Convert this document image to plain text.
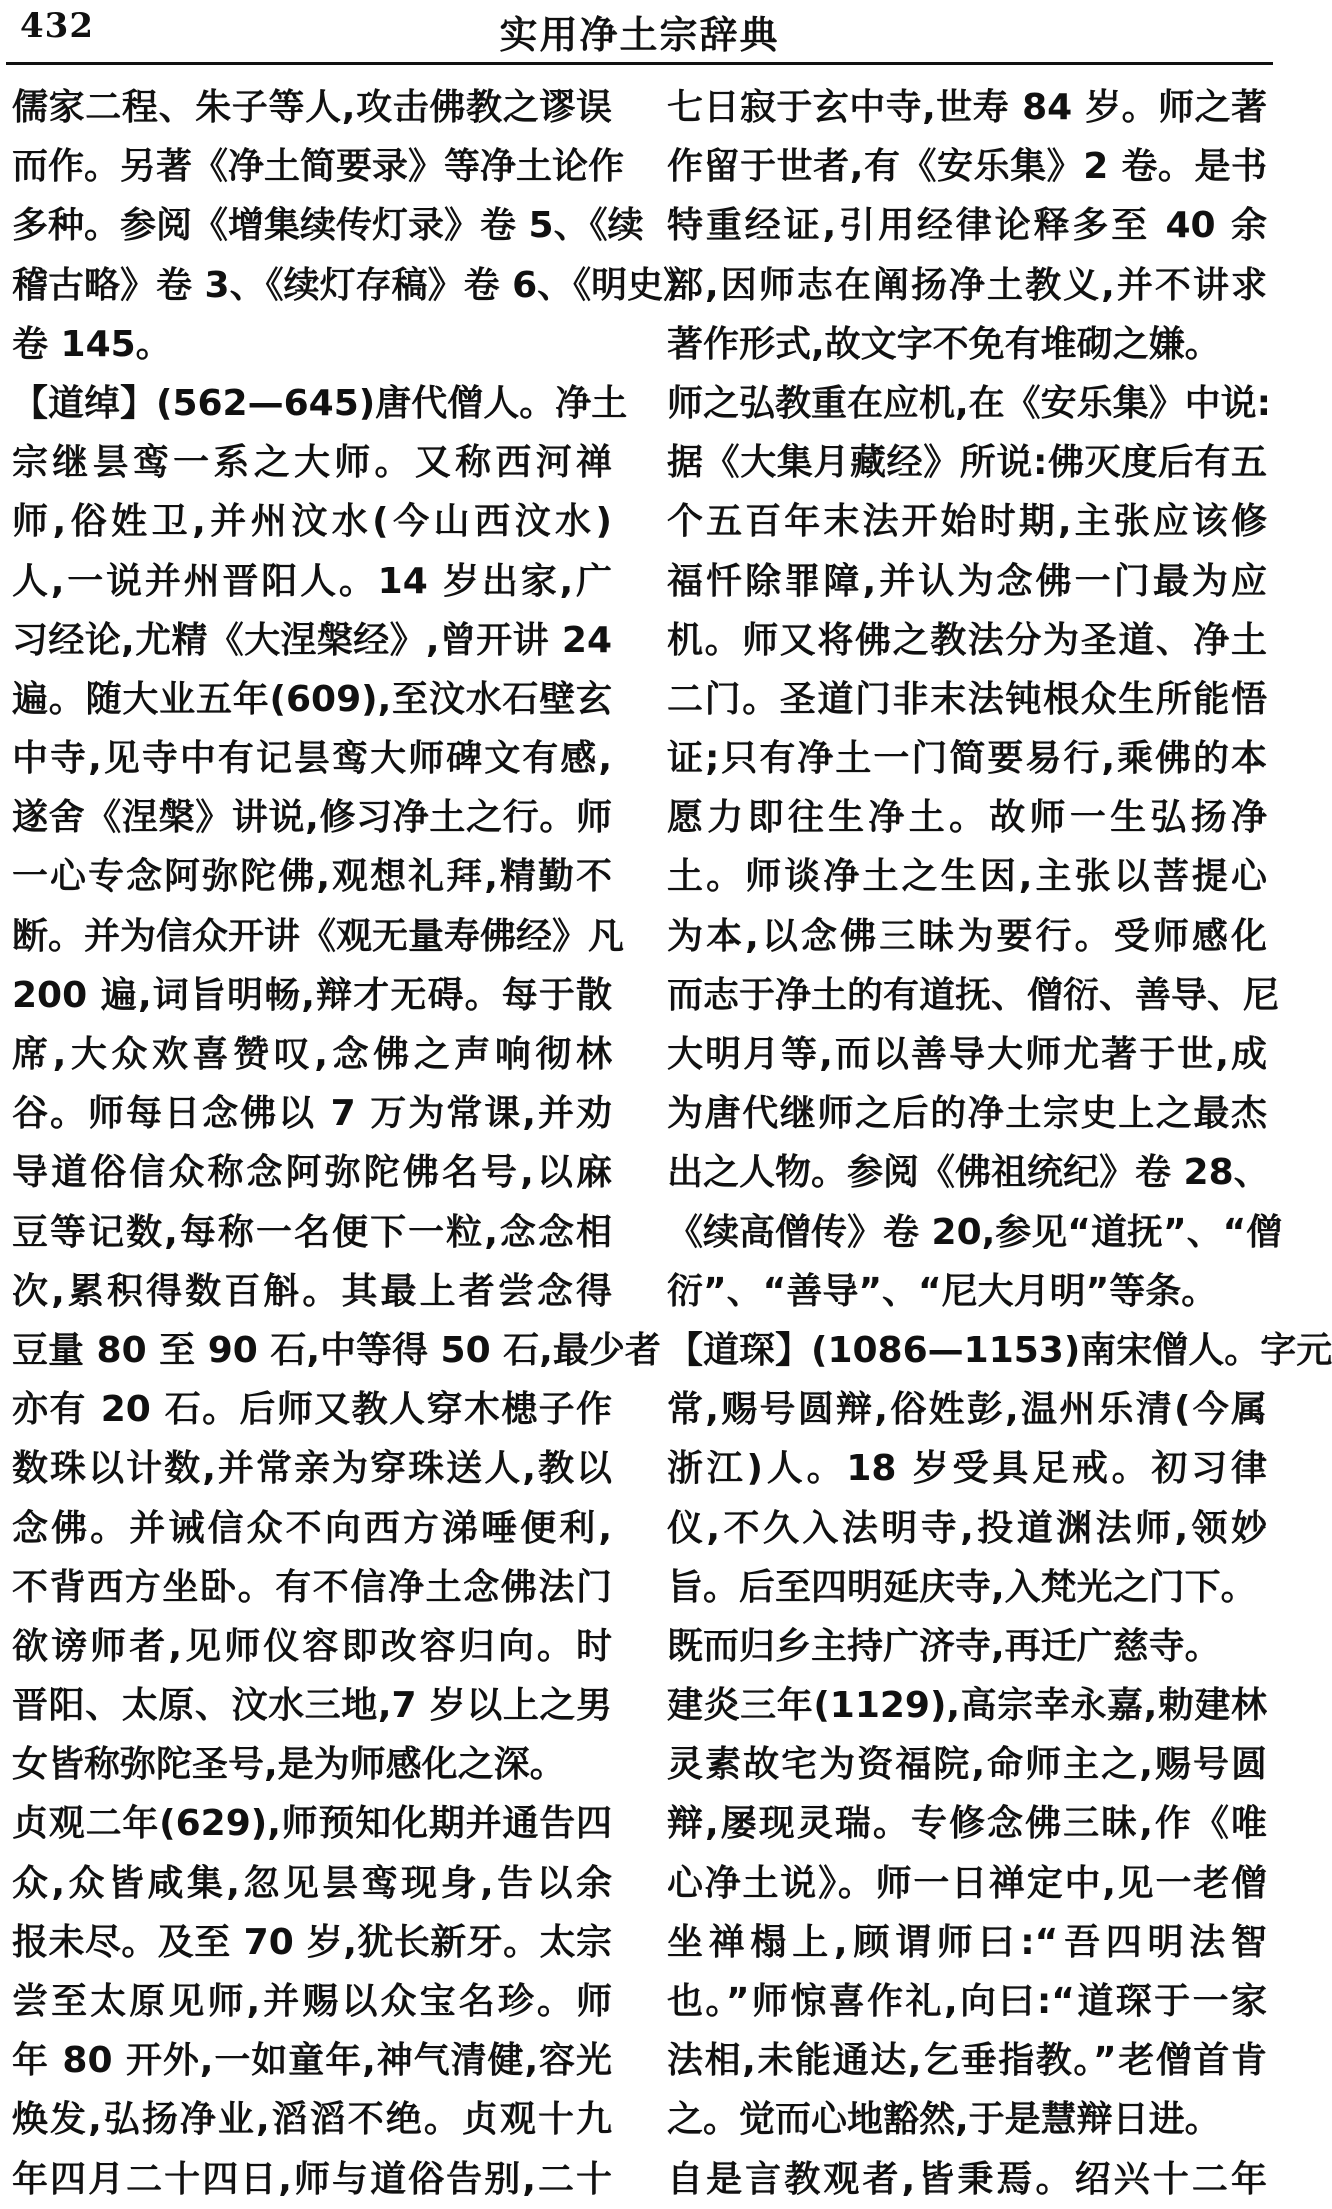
432	实用净土宗辞典
儒家二程、朱子等人,攻击佛教之谬误
而作。另著《净土简要录》等净土论作
多种。参阅《增集续传灯录》卷 5、《续
稽古略》卷 3、《续灯存稿》卷 6、《明史》
卷 145。
【道绰】(562—645)唐代僧人。净土
宗继昙鸾一系之大师。又称西河禅
师,俗姓卫,并州汶水(今山西汶水)
人,一说并州晋阳人。14 岁出家,广
习经论,尤精《大涅槃经》,曾开讲 24
遍。随大业五年(609),至汶水石壁玄
中寺,见寺中有记昙鸾大师碑文有感,
遂舍《涅槃》讲说,修习净土之行。师
一心专念阿弥陀佛,观想礼拜,精勤不
断。并为信众开讲《观无量寿佛经》凡
200 遍,词旨明畅,辩才无碍。每于散
席,大众欢喜赞叹,念佛之声响彻林
谷。师每日念佛以 7 万为常课,并劝
导道俗信众称念阿弥陀佛名号,以麻
豆等记数,每称一名便下一粒,念念相
次,累积得数百斛。其最上者尝念得
豆量 80 至 90 石,中等得 50 石,最少者
亦有 20 石。后师又教人穿木槵子作
数珠以计数,并常亲为穿珠送人,教以
念佛。并诫信众不向西方涕唾便利,
不背西方坐卧。有不信净土念佛法门
欲谤师者,见师仪容即改容归向。时
晋阳、太原、汶水三地,7 岁以上之男
女皆称弥陀圣号,是为师感化之深。
贞观二年(629),师预知化期并通告四
众,众皆咸集,忽见昙鸾现身,告以余
报未尽。及至 70 岁,犹长新牙。太宗
尝至太原见师,并赐以众宝名珍。师
年 80 开外,一如童年,神气清健,容光
焕发,弘扬净业,滔滔不绝。贞观十九
年四月二十四日,师与道俗告别,二十
七日寂于玄中寺,世寿 84 岁。师之著
作留于世者,有《安乐集》2 卷。是书
特重经证,引用经律论释多至 40 余
部,因师志在阐扬净土教义,并不讲求
著作形式,故文字不免有堆砌之嫌。
师之弘教重在应机,在《安乐集》中说:
据《大集月藏经》所说:佛灭度后有五
个五百年末法开始时期,主张应该修
福忏除罪障,并认为念佛一门最为应
机。师又将佛之教法分为圣道、净土
二门。圣道门非末法钝根众生所能悟
证;只有净土一门简要易行,乘佛的本
愿力即往生净土。故师一生弘扬净
土。师谈净土之生因,主张以菩提心
为本,以念佛三昧为要行。受师感化
而志于净土的有道抚、僧衍、善导、尼
大明月等,而以善导大师尤著于世,成
为唐代继师之后的净土宗史上之最杰
出之人物。参阅《佛祖统纪》卷 28、
《续高僧传》卷 20,参见“道抚”、“僧
衍”、“善导”、“尼大月明”等条。
【道琛】(1086—1153)南宋僧人。字元
常,赐号圆辩,俗姓彭,温州乐清(今属
浙江)人。18 岁受具足戒。初习律
仪,不久入法明寺,投道渊法师,领妙
旨。后至四明延庆寺,入梵光之门下。
既而归乡主持广济寺,再迁广慈寺。
建炎三年(1129),高宗幸永嘉,勅建林
灵素故宅为资福院,命师主之,赐号圆
辩,屡现灵瑞。专修念佛三昧,作《唯
心净土说》。师一日禅定中,见一老僧
坐禅榻上,顾谓师曰:“吾四明法智
也。”师惊喜作礼,向曰:“道琛于一家
法相,未能通达,乞垂指教。”老僧首肯
之。觉而心地豁然,于是慧辩日进。
自是言教观者,皆秉焉。绍兴十二年
